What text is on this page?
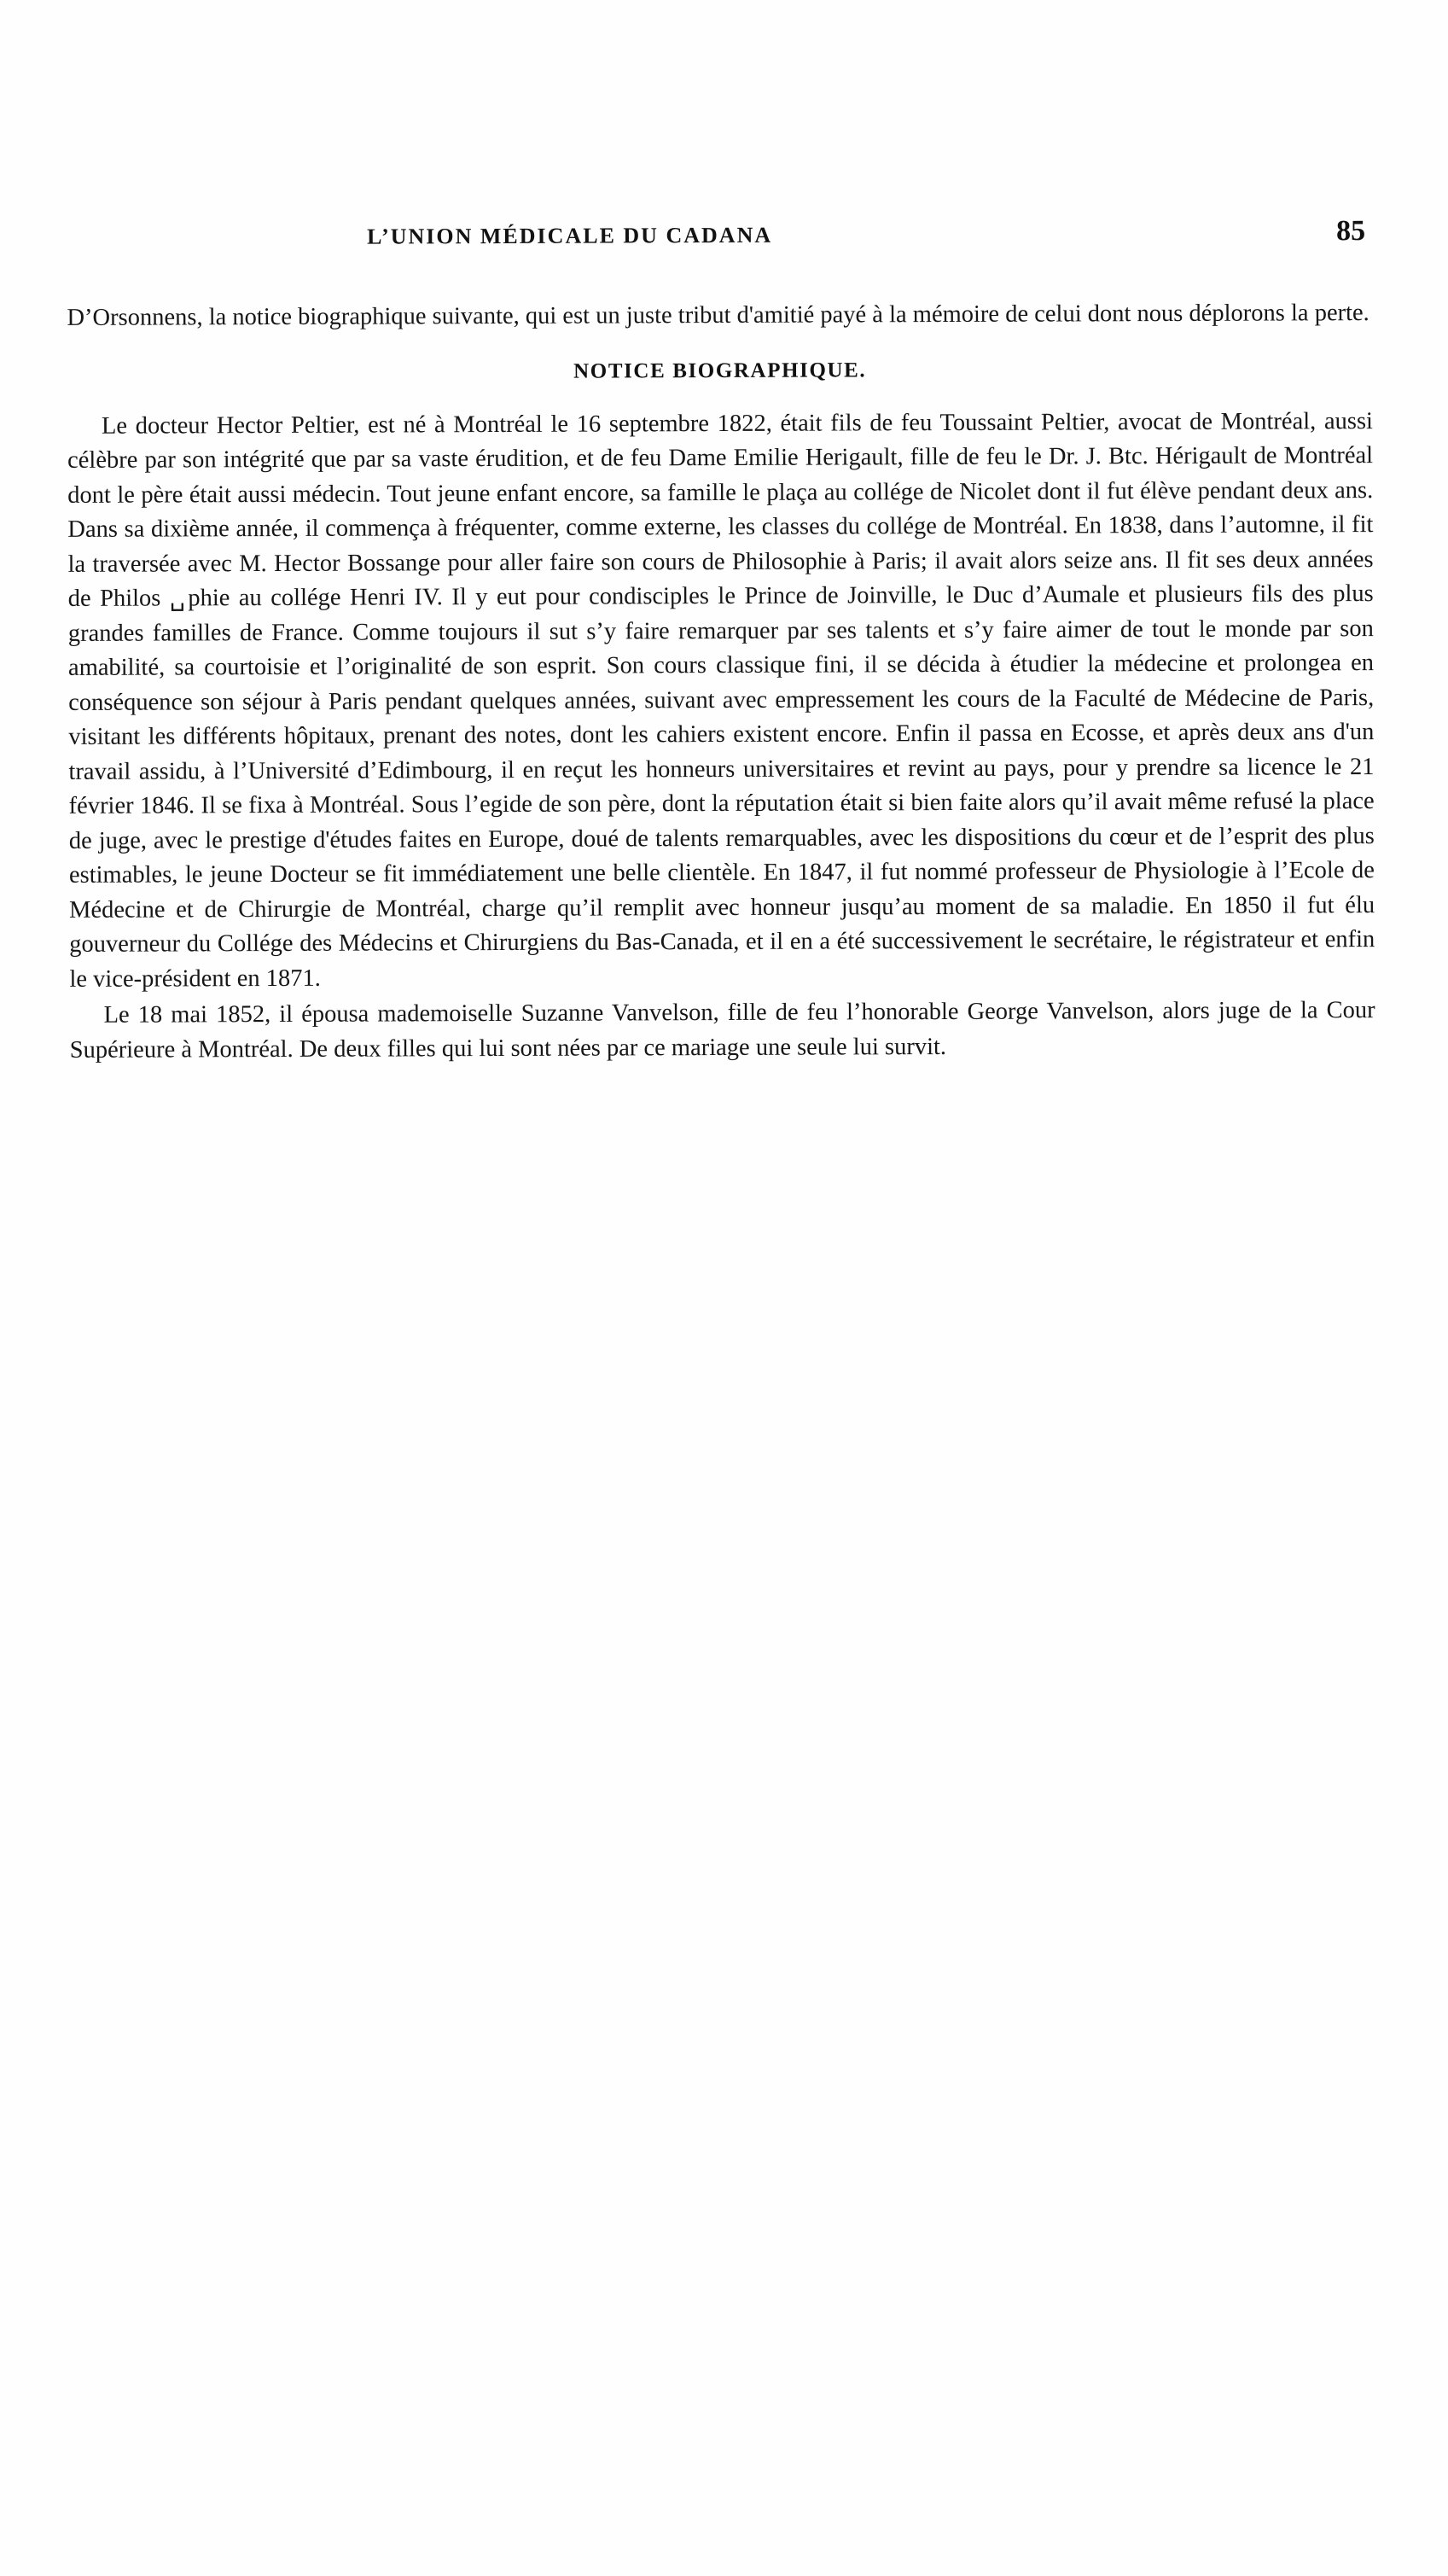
L’UNION MÉDICALE DU CADANA	85

D’Orsonnens, la notice biographique suivante, qui est un juste tribut d'amitié payé à la mémoire de celui dont nous déplorons la perte.

NOTICE BIOGRAPHIQUE.

Le docteur Hector Peltier, est né à Montréal le 16 septembre 1822, était fils de feu Toussaint Peltier, avocat de Montréal, aussi célèbre par son intégrité que par sa vaste érudition, et de feu Dame Emilie Herigault, fille de feu le Dr. J. Btc. Hérigault de Montréal dont le père était aussi médecin. Tout jeune enfant encore, sa famille le plaça au collége de Nicolet dont il fut élève pendant deux ans. Dans sa dixième année, il commença à fréquenter, comme externe, les classes du collége de Montréal. En 1838, dans l’automne, il fit la traversée avec M. Hector Bossange pour aller faire son cours de Philosophie à Paris; il avait alors seize ans. Il fit ses deux années de Philos ␣phie au collége Henri IV. Il y eut pour condisciples le Prince de Joinville, le Duc d’Aumale et plusieurs fils des plus grandes familles de France. Comme toujours il sut s’y faire remarquer par ses talents et s’y faire aimer de tout le monde par son amabilité, sa courtoisie et l’originalité de son esprit. Son cours classique fini, il se décida à étudier la médecine et prolongea en conséquence son séjour à Paris pendant quelques années, suivant avec empressement les cours de la Faculté de Médecine de Paris, visitant les différents hôpitaux, prenant des notes, dont les cahiers existent encore. Enfin il passa en Ecosse, et après deux ans d'un travail assidu, à l’Université d’Edimbourg, il en reçut les honneurs universitaires et revint au pays, pour y prendre sa licence le 21 février 1846. Il se fixa à Montréal. Sous l’egide de son père, dont la réputation était si bien faite alors qu’il avait même refusé la place de juge, avec le prestige d'études faites en Europe, doué de talents remarquables, avec les dispositions du cœur et de l’esprit des plus estimables, le jeune Docteur se fit immédiatement une belle clientèle. En 1847, il fut nommé professeur de Physiologie à l’Ecole de Médecine et de Chirurgie de Montréal, charge qu’il remplit avec honneur jusqu’au moment de sa maladie. En 1850 il fut élu gouverneur du Collége des Médecins et Chirurgiens du Bas-Canada, et il en a été successivement le secrétaire, le régistrateur et enfin le vice-président en 1871.

Le 18 mai 1852, il épousa mademoiselle Suzanne Vanvelson, fille de feu l’honorable George Vanvelson, alors juge de la Cour Supérieure à Montréal. De deux filles qui lui sont nées par ce mariage une seule lui survit.
